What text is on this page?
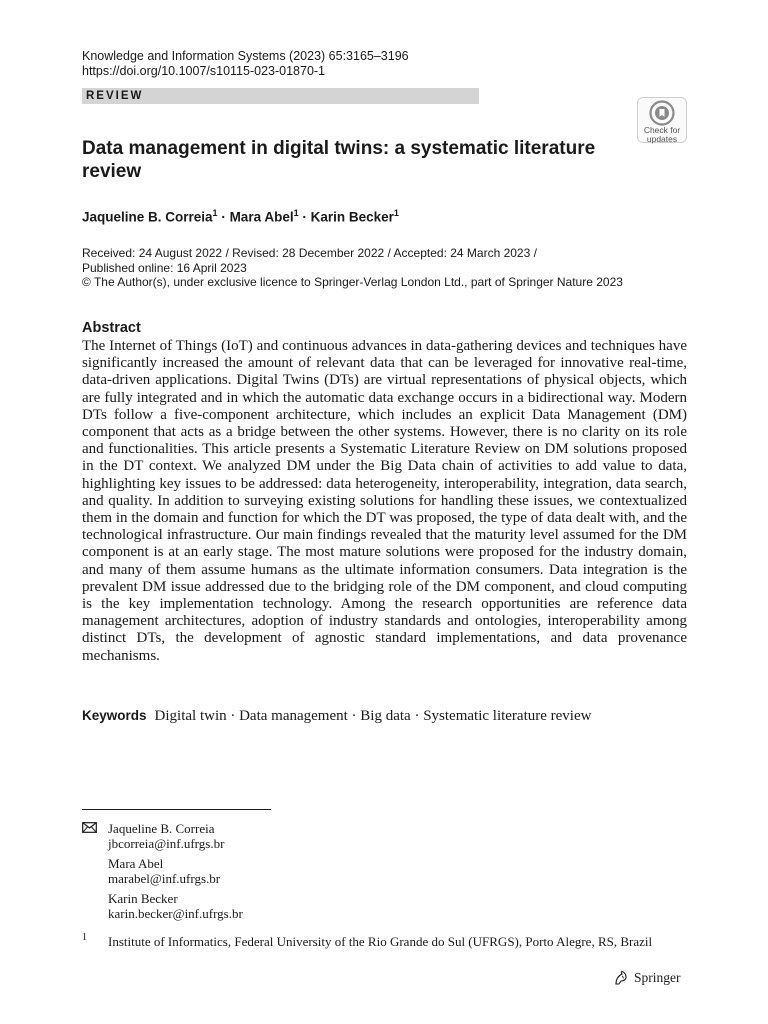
Knowledge and Information Systems (2023) 65:3165–3196
https://doi.org/10.1007/s10115-023-01870-1
REVIEW
Check for
updates
Data management in digital twins: a systematic literature review
Jaqueline B. Correia$^1$ · Mara Abel$^1$ · Karin Becker$^1$
Received: 24 August 2022 / Revised: 28 December 2022 / Accepted: 24 March 2023 /
Published online: 16 April 2023
© The Author(s), under exclusive licence to Springer-Verlag London Ltd., part of Springer Nature 2023
Abstract
The Internet of Things (IoT) and continuous advances in data-gathering devices and techniques have significantly increased the amount of relevant data that can be leveraged for innovative real-time, data-driven applications. Digital Twins (DTs) are virtual representations of physical objects, which are fully integrated and in which the automatic data exchange occurs in a bidirectional way. Modern DTs follow a five-component architecture, which includes an explicit Data Management (DM) component that acts as a bridge between the other systems. However, there is no clarity on its role and functionalities. This article presents a Systematic Literature Review on DM solutions proposed in the DT context. We analyzed DM under the Big Data chain of activities to add value to data, highlighting key issues to be addressed: data heterogeneity, interoperability, integration, data search, and quality. In addition to surveying existing solutions for handling these issues, we contextualized them in the domain and function for which the DT was proposed, the type of data dealt with, and the technological infrastructure. Our main findings revealed that the maturity level assumed for the DM component is at an early stage. The most mature solutions were proposed for the industry domain, and many of them assume humans as the ultimate information consumers. Data integration is the prevalent DM issue addressed due to the bridging role of the DM component, and cloud computing is the key implementation technology. Among the research opportunities are reference data management architectures, adoption of industry standards and ontologies, interoperability among distinct DTs, the development of agnostic standard implementations, and data provenance mechanisms.
Keywords Digital twin · Data management · Big data · Systematic literature review
Jaqueline B. Correia
jbcorreia@inf.ufrgs.br
Mara Abel
marabel@inf.ufrgs.br
Karin Becker
karin.becker@inf.ufrgs.br
1 Institute of Informatics, Federal University of the Rio Grande do Sul (UFRGS), Porto Alegre, RS, Brazil
Springer
